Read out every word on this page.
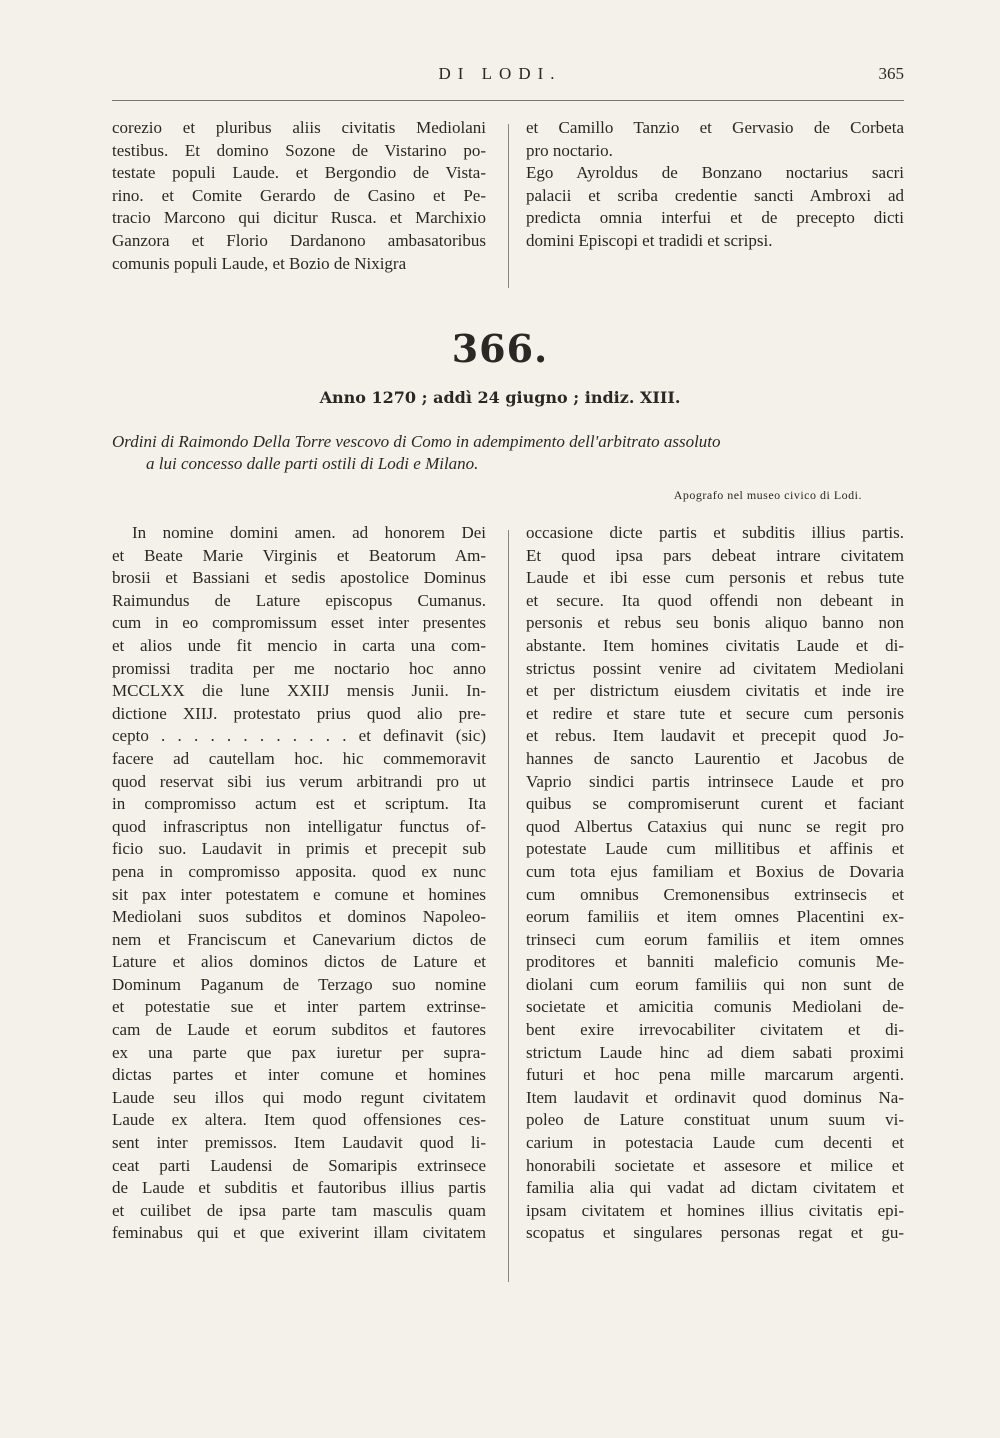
DI LODI.	365

corezio et pluribus aliis civitatis Mediolani

testibus. Et domino Sozone de Vistarino po-

testate populi Laude. et Bergondio de Vista-

rino. et Comite Gerardo de Casino et Pe-

tracio Marcono qui dicitur Rusca. et Marchixio

Ganzora et Florio Dardanono ambasatoribus

comunis populi Laude, et Bozio de Nixigra

et Camillo Tanzio et Gervasio de Corbeta

pro noctario.

Ego Ayroldus de Bonzano noctarius sacri

palacii et scriba credentie sancti Ambroxi ad

predicta omnia interfui et de precepto dicti

domini Episcopi et tradidi et scripsi.

366.
Anno 1270 ; addì 24 giugno ; indiz. XIII.

Ordini di Raimondo Della Torre vescovo di Como in adempimento dell'arbitrato assoluto

a lui concesso dalle parti ostili di Lodi e Milano.

Apografo nel museo civico di Lodi.

In nomine domini amen. ad honorem Dei

et Beate Marie Virginis et Beatorum Am-

brosii et Bassiani et sedis apostolice Dominus

Raimundus de Lature episcopus Cumanus.

cum in eo compromissum esset inter presentes

et alios unde fit mencio in carta una com-

promissi tradita per me noctario hoc anno

MCCLXX die lune XXIIJ mensis Junii. In-

dictione XIIJ. protestato prius quod alio pre-

cepto . . . . . . . . . . . . et definavit (sic)

facere ad cautellam hoc. hic commemoravit

quod reservat sibi ius verum arbitrandi pro ut

in compromisso actum est et scriptum. Ita

quod infrascriptus non intelligatur functus of-

ficio suo. Laudavit in primis et precepit sub

pena in compromisso apposita. quod ex nunc

sit pax inter potestatem e comune et homines

Mediolani suos subditos et dominos Napoleo-

nem et Franciscum et Canevarium dictos de

Lature et alios dominos dictos de Lature et

Dominum Paganum de Terzago suo nomine

et potestatie sue et inter partem extrinse-

cam de Laude et eorum subditos et fautores

ex una parte que pax iuretur per supra-

dictas partes et inter comune et homines

Laude seu illos qui modo regunt civitatem

Laude ex altera. Item quod offensiones ces-

sent inter premissos. Item Laudavit quod li-

ceat parti Laudensi de Somaripis extrinsece

de Laude et subditis et fautoribus illius partis

et cuilibet de ipsa parte tam masculis quam

feminabus qui et que exiverint illam civitatem

occasione dicte partis et subditis illius partis.

Et quod ipsa pars debeat intrare civitatem

Laude et ibi esse cum personis et rebus tute

et secure. Ita quod offendi non debeant in

personis et rebus seu bonis aliquo banno non

abstante. Item homines civitatis Laude et di-

strictus possint venire ad civitatem Mediolani

et per districtum eiusdem civitatis et inde ire

et redire et stare tute et secure cum personis

et rebus. Item laudavit et precepit quod Jo-

hannes de sancto Laurentio et Jacobus de

Vaprio sindici partis intrinsece Laude et pro

quibus se compromiserunt curent et faciant

quod Albertus Cataxius qui nunc se regit pro

potestate Laude cum millitibus et affinis et

cum tota ejus familiam et Boxius de Dovaria

cum omnibus Cremonensibus extrinsecis et

eorum familiis et item omnes Placentini ex-

trinseci cum eorum familiis et item omnes

proditores et banniti maleficio comunis Me-

diolani cum eorum familiis qui non sunt de

societate et amicitia comunis Mediolani de-

bent exire irrevocabiliter civitatem et di-

strictum Laude hinc ad diem sabati proximi

futuri et hoc pena mille marcarum argenti.

Item laudavit et ordinavit quod dominus Na-

poleo de Lature constituat unum suum vi-

carium in potestacia Laude cum decenti et

honorabili societate et assesore et milice et

familia alia qui vadat ad dictam civitatem et

ipsam civitatem et homines illius civitatis epi-

scopatus et singulares personas regat et gu-
